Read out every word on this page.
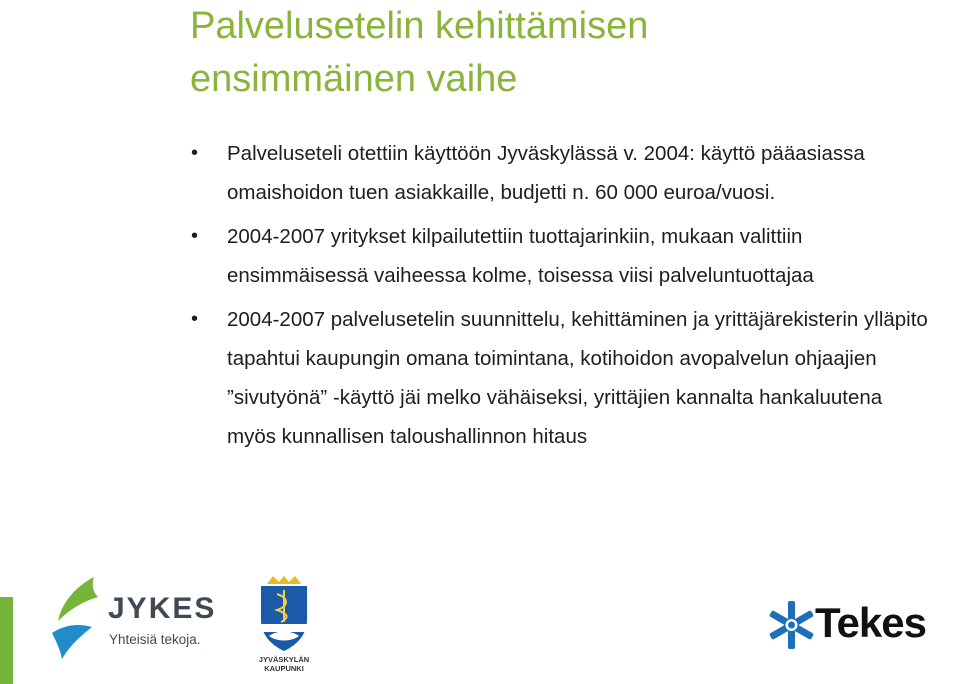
Palvelusetelin kehittämisen
ensimmäinen vaihe
• Palveluseteli otettiin käyttöön Jyväskylässä v. 2004: käyttö pääasiassa omaishoidon tuen asiakkaille, budjetti n. 60 000 euroa/vuosi.
• 2004-2007 yritykset kilpailutettiin tuottajarinkiin, mukaan valittiin ensimmäisessä vaiheessa kolme, toisessa viisi palveluntuottajaa
• 2004-2007 palvelusetelin suunnittelu, kehittäminen ja yrittäjärekisterin ylläpito tapahtui kaupungin omana toimintana, kotihoidon avopalvelun ohjaajien ”sivutyönä” -käyttö jäi melko vähäiseksi, yrittäjien kannalta hankaluutena myös kunnallisen taloushallinnon hitaus
JYKES
Yhteisiä tekoja.
JYVÄSKYLÄN
KAUPUNKI
Tekes
